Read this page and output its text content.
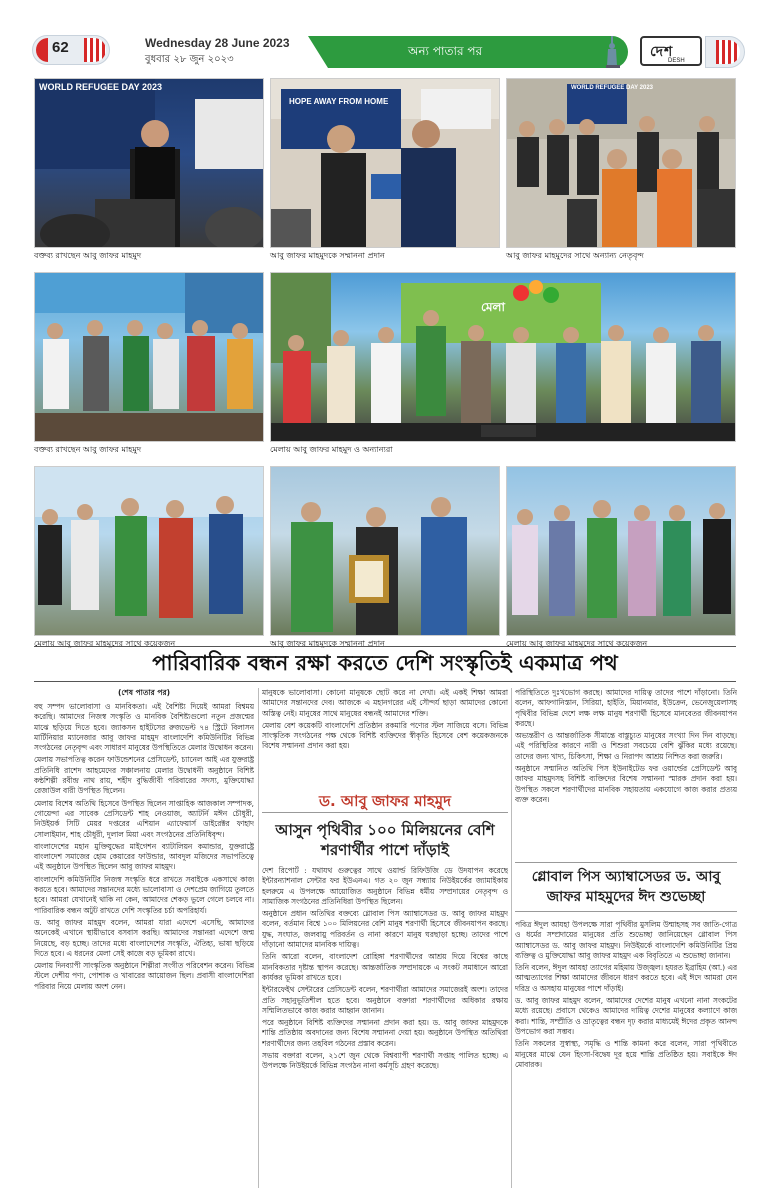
62	Wednesday 28 June 2023
বুধবার ২৮ জুন ২০২৩
অন্য পাতার পর	দেশ
DESH
WORLD REFUGEE DAY 2023
বক্তব্য রাখছেন আবু জাফর মাহমুদ
HOPE AWAY FROM HOME
আবু জাফর মাহমুদকে সম্মাননা প্রদান
WORLD REFUGEE DAY 2023
আবু জাফর মাহমুদের সাথে অন্যান্য নেতৃবৃন্দ
বক্তব্য রাখছেন আবু জাফর মাহমুদ
মেলা
মেলায় আবু জাফর মাহমুদ ও অন্যান্যরা
মেলায় আবু জাফর মাহমুদের সাথে কয়েকজন	আবু জাফর মাহমুদকে সম্মাননা প্রদান	মেলায় আবু জাফর মাহমুদের সাথে কয়েকজন
পারিবারিক বন্ধন রক্ষা করতে দেশি সংস্কৃতিই একমাত্র পথ
(শেষ পাতার পর)

বহু সম্পদ ভালোবাসা ও মানবিকতা। এই বৈশিষ্ট্য দিয়েই আমরা বিশ্বময় করেছি। আমাদের নিজস্ব সংস্কৃতি ও মানবিক বৈশিষ্ট্যগুলো নতুন প্রজন্মের মাঝে ছড়িয়ে দিতে হবে। জ্যাকসন হাইটসের রুজভেল্ট ৭৪ স্ট্রিটে বিলাসন মার্টিনিয়ার ম্যানেজার আবু জাফর মাহমুদ বাংলাদেশি কমিউনিটির বিভিন্ন সংগঠনের নেতৃবৃন্দ এবং সাধারণ মানুষের উপস্থিতিতে মেলার উদ্বোধন করেন।

মেলায় সভাপতিত্ব করেন ফাউন্ডেশনের প্রেসিডেন্ট, চ্যানেল আই এর যুক্তরাষ্ট্র প্রতিনিধি রাশেদ আহমেদের সঞ্চালনায় মেলার উদ্বোধনী অনুষ্ঠানে বিশিষ্ট কন্ঠশিল্পী রবীন্দ্র নাথ রায়, শহীদ বুদ্ধিজীবী পরিবারের সদস্য, মুক্তিযোদ্ধা রেজাউল বারী উপস্থিত ছিলেন।

মেলায় বিশেষ অতিথি হিসেবে উপস্থিত ছিলেন সাপ্তাহিক আজকাল সম্পাদক, গোয়েন্দা এর সাবেক প্রেসিডেন্ট শাহ নেওয়াজ, অ্যাটর্নি মঈন চৌধুরী, নিউইয়র্ক সিটি মেয়র দপ্তরের এশিয়ান এ্যাফেয়ার্স ডাইরেক্টর ফাহাদ সোলাইমান, শাহ চৌধুরী, দুলাল মিয়া এবং সংগঠনের প্রতিনিধিবৃন্দ।

বাংলাদেশের মহান মুক্তিযুদ্ধের মাইগেশন ব্যাটালিয়ন কমান্ডার, যুক্তরাষ্ট্রে বাংলাদেশ সমাজের হোম কেয়ারের ফাউন্ডার, আবদুল মজিদের সভাপতিত্বে এই অনুষ্ঠানে উপস্থিত ছিলেন আবু জাফর মাহমুদ।

বাংলাদেশি কমিউনিটির নিজস্ব সংস্কৃতি ধরে রাখতে সবাইকে একসাথে কাজ করতে হবে। আমাদের সন্তানদের মধ্যে ভালোবাসা ও দেশপ্রেম জাগিয়ে তুলতে হবে। আমরা যেখানেই থাকি না কেন, আমাদের শেকড় ভুলে গেলে চলবে না। পারিবারিক বন্ধন অটুট রাখতে দেশি সংস্কৃতির চর্চা অপরিহার্য।

ড. আবু জাফর মাহমুদ বলেন, আমরা যারা এদেশে এসেছি, আমাদের অনেকেই এখানে স্থায়ীভাবে বসবাস করছি। আমাদের সন্তানরা এদেশে জন্ম নিয়েছে, বড় হচ্ছে। তাদের মধ্যে বাংলাদেশের সংস্কৃতি, ঐতিহ্য, ভাষা ছড়িয়ে দিতে হবে। এ ধরনের মেলা সেই কাজে বড় ভূমিকা রাখে।

মেলায় দিনব্যাপী সাংস্কৃতিক অনুষ্ঠানে শিল্পীরা সংগীত পরিবেশন করেন। বিভিন্ন স্টলে দেশীয় পণ্য, পোশাক ও খাবারের আয়োজন ছিল। প্রবাসী বাংলাদেশিরা পরিবার নিয়ে মেলায় অংশ নেন।

মানুষকে ভালোবাসা। কোনো মানুষকে ছোট করে না দেখা। এই একই শিক্ষা আমরা আমাদের সন্তানদের দেব। আজকে এ মহানগরের এই সৌন্দর্য ছাড়া আমাদের কোনো অস্তিত্ব নেই। মানুষের সাথে মানুষের বন্ধনই আমাদের শক্তি।

মেলায় বেশ কয়েকটি বাংলাদেশি প্রতিষ্ঠান রকমারি পণ্যের স্টল সাজিয়ে বসে। বিভিন্ন সাংস্কৃতিক সংগঠনের পক্ষ থেকে বিশিষ্ট ব্যক্তিদের স্বীকৃতি হিসেবে বেশ কয়েকজনকে বিশেষ সম্মাননা প্রদান করা হয়।

ড. আবু জাফর মাহমুদ
আসুন পৃথিবীর ১০০ মিলিয়নের বেশি শরণার্থীর পাশে দাঁড়াই

দেশ রিপোর্ট : যথাযথ গুরুত্বের সাথে ওয়ার্ল্ড রিফিউজি ডে উদযাপন করেছে ইন্টারন্যাশনাল সেন্টার ফর ইউএনএ। গত ২০ জুন সন্ধ্যায় নিউইয়র্কের জ্যামাইকায় হলরুমে এ উপলক্ষে আয়োজিত অনুষ্ঠানে বিভিন্ন ধর্মীয় সম্প্রদায়ের নেতৃবৃন্দ ও সামাজিক সংগঠনের প্রতিনিধিরা উপস্থিত ছিলেন।

অনুষ্ঠানে প্রধান অতিথির বক্তব্যে গ্লোবাল পিস অ্যাম্বাসেডর ড. আবু জাফর মাহমুদ বলেন, বর্তমান বিশ্বে ১০০ মিলিয়নের বেশি মানুষ শরণার্থী হিসেবে জীবনযাপন করছে। যুদ্ধ, সংঘাত, জলবায়ু পরিবর্তন ও নানা কারণে মানুষ ঘরছাড়া হচ্ছে। তাদের পাশে দাঁড়ানো আমাদের মানবিক দায়িত্ব।

তিনি আরো বলেন, বাংলাদেশ রোহিঙ্গা শরণার্থীদের আশ্রয় দিয়ে বিশ্বের কাছে মানবিকতার দৃষ্টান্ত স্থাপন করেছে। আন্তর্জাতিক সম্প্রদায়কে এ সংকট সমাধানে আরো কার্যকর ভূমিকা রাখতে হবে।

ইন্টারফেইথ সেন্টারের প্রেসিডেন্ট বলেন, শরণার্থীরা আমাদের সমাজেরই অংশ। তাদের প্রতি সহানুভূতিশীল হতে হবে। অনুষ্ঠানে বক্তারা শরণার্থীদের অধিকার রক্ষায় সম্মিলিতভাবে কাজ করার আহ্বান জানান।

পরে অনুষ্ঠানে বিশিষ্ট ব্যক্তিদের সম্মাননা প্রদান করা হয়। ড. আবু জাফর মাহমুদকে শান্তি প্রতিষ্ঠায় অবদানের জন্য বিশেষ সম্মাননা দেয়া হয়। অনুষ্ঠানে উপস্থিত অতিথিরা শরণার্থীদের জন্য তহবিল গঠনের প্রস্তাব করেন।

সভায় বক্তারা বলেন, ২১শে জুন থেকে বিশ্বব্যাপী শরণার্থী সপ্তাহ পালিত হচ্ছে। এ উপলক্ষে নিউইয়র্কে বিভিন্ন সংগঠন নানা কর্মসূচি গ্রহণ করেছে।

পরিস্থিতিতে দুঃখভোগ করছে। আমাদের দায়িত্ব তাদের পাশে দাঁড়ানো। তিনি বলেন, আফগানিস্তান, সিরিয়া, হাইতি, মিয়ানমার, ইউক্রেন, ভেনেজুয়েলাসহ পৃথিবীর বিভিন্ন দেশে লক্ষ লক্ষ মানুষ শরণার্থী হিসেবে মানবেতর জীবনযাপন করছে।

অভ্যন্তরীণ ও আন্তর্জাতিক সীমান্তে বাস্তুচ্যুত মানুষের সংখ্যা দিন দিন বাড়ছে। এই পরিস্থিতির কারণে নারী ও শিশুরা সবচেয়ে বেশি ঝুঁকির মধ্যে রয়েছে। তাদের জন্য খাদ্য, চিকিৎসা, শিক্ষা ও নিরাপদ আশ্রয় নিশ্চিত করা জরুরি।

অনুষ্ঠানে সম্মানিত অতিথি পিস ইউনাইটেড ফর ওয়ার্ল্ডের প্রেসিডেন্ট আবু জাফর মাহমুদসহ বিশিষ্ট ব্যক্তিদের বিশেষ সম্মাননা স্মারক প্রদান করা হয়। উপস্থিত সকলে শরণার্থীদের মানবিক সহায়তায় একযোগে কাজ করার প্রত্যয় ব্যক্ত করেন।

গ্লোবাল পিস অ্যাম্বাসেডর ড. আবু জাফর মাহমুদের ঈদ শুভেচ্ছা

পবিত্র ঈদুল আযহা উপলক্ষে সারা পৃথিবীর মুসলিম উম্মাহসহ সব জাতি-গোত্র ও ধর্মের সম্প্রদায়ের মানুষের প্রতি শুভেচ্ছা জানিয়েছেন গ্লোবাল পিস অ্যাম্বাসেডর ড. আবু জাফর মাহমুদ। নিউইয়র্কে বাংলাদেশি কমিউনিটির প্রিয় ব্যক্তিত্ব ও মুক্তিযোদ্ধা আবু জাফর মাহমুদ এক বিবৃতিতে এ শুভেচ্ছা জানান।

তিনি বলেন, ঈদুল আযহা ত্যাগের মহিমায় উজ্জ্বল। হযরত ইব্রাহিম (আ.) এর আত্মত্যাগের শিক্ষা আমাদের জীবনে ধারণ করতে হবে। এই ঈদে আমরা যেন দরিদ্র ও অসহায় মানুষের পাশে দাঁড়াই।

ড. আবু জাফর মাহমুদ বলেন, আমাদের দেশের মানুষ এখনো নানা সংকটের মধ্যে রয়েছে। প্রবাসে থেকেও আমাদের দায়িত্ব দেশের মানুষের কল্যাণে কাজ করা। শান্তি, সম্প্রীতি ও ভ্রাতৃত্বের বন্ধন দৃঢ় করার মাধ্যমেই ঈদের প্রকৃত আনন্দ উপভোগ করা সম্ভব।

তিনি সকলের সুস্বাস্থ্য, সমৃদ্ধি ও শান্তি কামনা করে বলেন, সারা পৃথিবীতে মানুষের মাঝে যেন হিংসা-বিদ্বেষ দূর হয়ে শান্তি প্রতিষ্ঠিত হয়। সবাইকে ঈদ মোবারক।
